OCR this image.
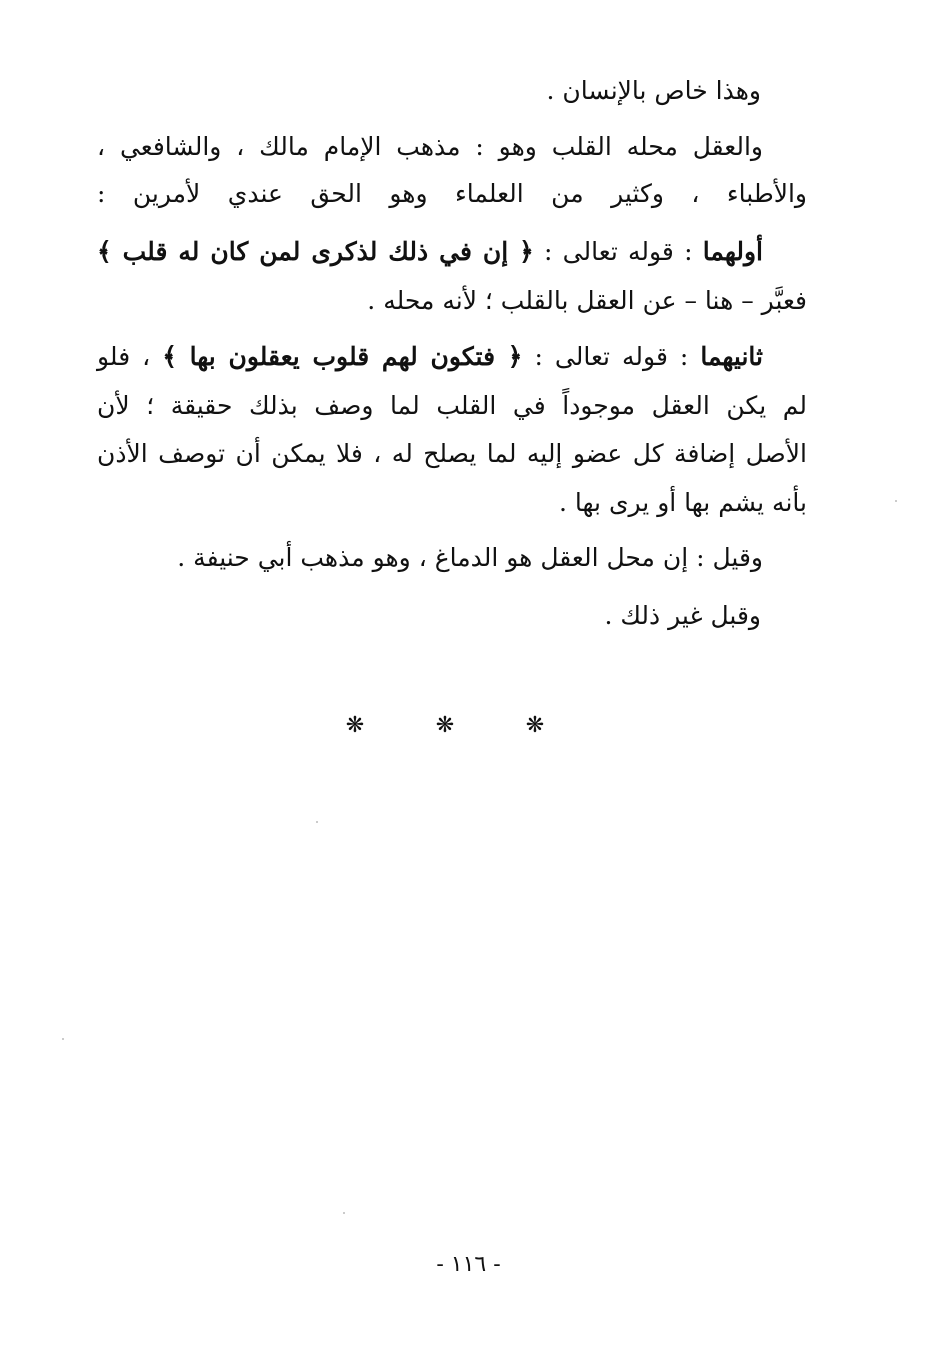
وهذا خاص بالإنسان .
والعقل محله القلب وهو : مذهب الإمام مالك ، والشافعي ،
والأطباء ، وكثير من العلماء وهو الحق عندي لأمرين :
أولهما : قوله تعالى : ﴿ إن في ذلك لذكرى لمن كان له قلب ﴾
فعبَّر – هنا – عن العقل بالقلب ؛ لأنه محله .
ثانيهما : قوله تعالى : ﴿ فتكون لهم قلوب يعقلون بها ﴾ ، فلو
لم يكن العقل موجوداً في القلب لما وصف بذلك حقيقة ؛ لأن
الأصل إضافة كل عضو إليه لما يصلح له ، فلا يمكن أن توصف الأذن
بأنه يشم بها أو يرى بها .
وقيل : إن محل العقل هو الدماغ ، وهو مذهب أبي حنيفة .
وقبل غير ذلك .
❋	❋	❋
- ١١٦ -
